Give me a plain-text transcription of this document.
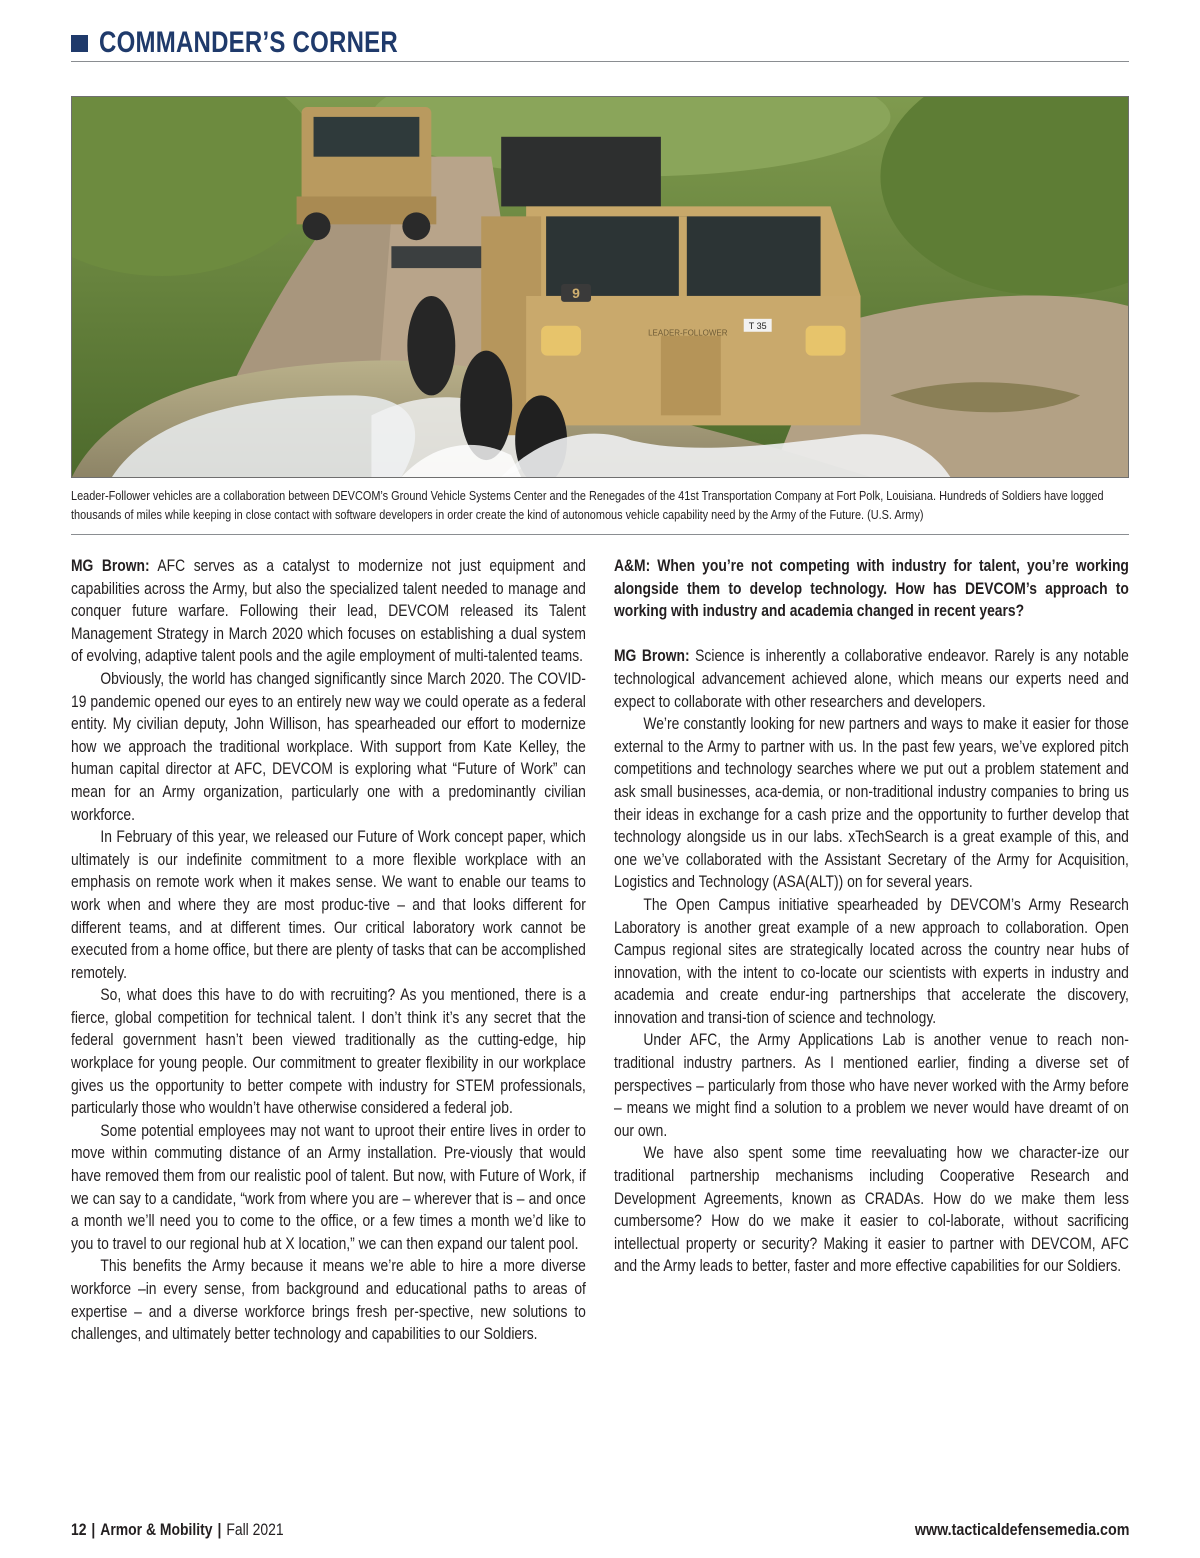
COMMANDER’S CORNER
T 35
LEADER-FOLLOWER
9
Leader-Follower vehicles are a collaboration between DEVCOM’s Ground Vehicle Systems Center and the Renegades of the 41st Transportation Company at Fort Polk, Louisiana. Hundreds of Soldiers have logged thousands of miles while keeping in close contact with software developers in order create the kind of autonomous vehicle capability need by the Army of the Future. (U.S. Army)

MG Brown: AFC serves as a catalyst to modernize not just equipment and capabilities across the Army, but also the specialized talent needed to manage and conquer future warfare. Following their lead, DEVCOM released its Talent Management Strategy in March 2020 which focuses on establishing a dual system of evolving, adaptive talent pools and the agile employment of multi-talented teams.

Obviously, the world has changed significantly since March 2020. The COVID-19 pandemic opened our eyes to an entirely new way we could operate as a federal entity. My civilian deputy, John Willison, has spearheaded our effort to modernize how we approach the traditional workplace. With support from Kate Kelley, the human capital director at AFC, DEVCOM is exploring what “Future of Work” can mean for an Army organization, particularly one with a predominantly civilian workforce.

In February of this year, we released our Future of Work concept paper, which ultimately is our indefinite commitment to a more flexible workplace with an emphasis on remote work when it makes sense. We want to enable our teams to work when and where they are most produc-tive – and that looks different for different teams, and at different times. Our critical laboratory work cannot be executed from a home office, but there are plenty of tasks that can be accomplished remotely.

So, what does this have to do with recruiting? As you mentioned, there is a fierce, global competition for technical talent. I don’t think it’s any secret that the federal government hasn’t been viewed traditionally as the cutting-edge, hip workplace for young people. Our commitment to greater flexibility in our workplace gives us the opportunity to better compete with industry for STEM professionals, particularly those who wouldn’t have otherwise considered a federal job.

Some potential employees may not want to uproot their entire lives in order to move within commuting distance of an Army installation. Pre-viously that would have removed them from our realistic pool of talent. But now, with Future of Work, if we can say to a candidate, “work from where you are – wherever that is – and once a month we’ll need you to come to the office, or a few times a month we’d like to you to travel to our regional hub at X location,” we can then expand our talent pool.

This benefits the Army because it means we’re able to hire a more diverse workforce –in every sense, from background and educational paths to areas of expertise – and a diverse workforce brings fresh per-spective, new solutions to challenges, and ultimately better technology and capabilities to our Soldiers.

A&M: When you’re not competing with industry for talent, you’re working alongside them to develop technology. How has DEVCOM’s approach to working with industry and academia changed in recent years?

MG Brown: Science is inherently a collaborative endeavor. Rarely is any notable technological advancement achieved alone, which means our experts need and expect to collaborate with other researchers and developers.

We’re constantly looking for new partners and ways to make it easier for those external to the Army to partner with us. In the past few years, we’ve explored pitch competitions and technology searches where we put out a problem statement and ask small businesses, aca-demia, or non-traditional industry companies to bring us their ideas in exchange for a cash prize and the opportunity to further develop that technology alongside us in our labs. xTechSearch is a great example of this, and one we’ve collaborated with the Assistant Secretary of the Army for Acquisition, Logistics and Technology (ASA(ALT)) on for several years.

The Open Campus initiative spearheaded by DEVCOM’s Army Research Laboratory is another great example of a new approach to collaboration. Open Campus regional sites are strategically located across the country near hubs of innovation, with the intent to co-locate our scientists with experts in industry and academia and create endur-ing partnerships that accelerate the discovery, innovation and transi-tion of science and technology.

Under AFC, the Army Applications Lab is another venue to reach non-traditional industry partners. As I mentioned earlier, finding a diverse set of perspectives – particularly from those who have never worked with the Army before – means we might find a solution to a problem we never would have dreamt of on our own.

We have also spent some time reevaluating how we character-ize our traditional partnership mechanisms including Cooperative Research and Development Agreements, known as CRADAs. How do we make them less cumbersome? How do we make it easier to col-laborate, without sacrificing intellectual property or security? Making it easier to partner with DEVCOM, AFC and the Army leads to better, faster and more effective capabilities for our Soldiers.

12 | Armor & Mobility | Fall 2021	www.tacticaldefensemedia.com
